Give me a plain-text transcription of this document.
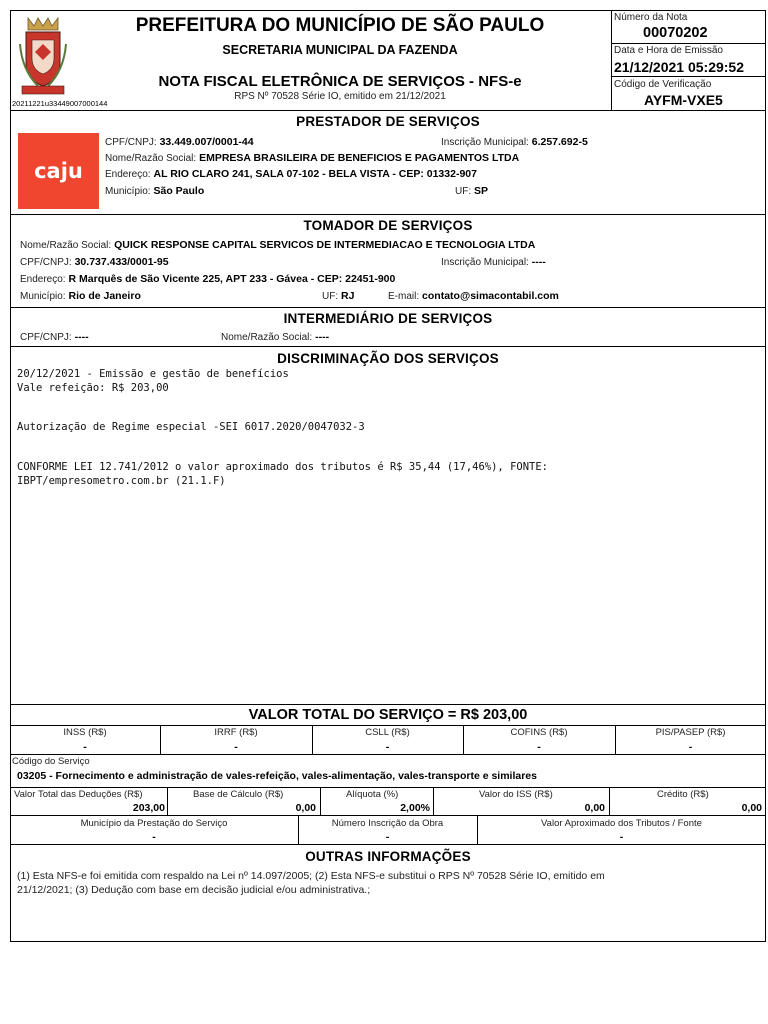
20211221u33449007000144
PREFEITURA DO MUNICÍPIO DE SÃO PAULO
SECRETARIA MUNICIPAL DA FAZENDA
NOTA FISCAL ELETRÔNICA DE SERVIÇOS - NFS-e
RPS Nº 70528 Série IO, emitido em 21/12/2021
Número da Nota
00070202
Data e Hora de Emissão
21/12/2021 05:29:52
Código de Verificação
AYFM-VXE5
PRESTADOR DE SERVIÇOS
caju
CPF/CNPJ: 33.449.007/0001-44	Inscrição Municipal: 6.257.692-5
Nome/Razão Social: EMPRESA BRASILEIRA DE BENEFICIOS E PAGAMENTOS LTDA
Endereço: AL RIO CLARO 241, SALA 07-102 - BELA VISTA - CEP: 01332-907
Município: São Paulo	UF: SP
TOMADOR DE SERVIÇOS
Nome/Razão Social: QUICK RESPONSE CAPITAL SERVICOS DE INTERMEDIACAO E TECNOLOGIA LTDA
CPF/CNPJ: 30.737.433/0001-95	Inscrição Municipal: ----
Endereço: R Marquês de São Vicente 225, APT 233 - Gávea - CEP: 22451-900
Município: Rio de Janeiro	UF: RJ	E-mail: contato@simacontabil.com
INTERMEDIÁRIO DE SERVIÇOS
CPF/CNPJ: ----	Nome/Razão Social: ----
DISCRIMINAÇÃO DOS SERVIÇOS
20/12/2021 - Emissão e gestão de benefícios
Vale refeição: R$ 203,00
Autorização de Regime especial -SEI 6017.2020/0047032-3
CONFORME LEI 12.741/2012 o valor aproximado dos tributos é R$ 35,44 (17,46%), FONTE:
IBPT/empresometro.com.br (21.1.F)
VALOR TOTAL DO SERVIÇO = R$ 203,00
INSS (R$)
-
IRRF (R$)
-
CSLL (R$)
-
COFINS (R$)
-
PIS/PASEP (R$)
-
Código do Serviço
03205 - Fornecimento e administração de vales-refeição, vales-alimentação, vales-transporte e similares
Valor Total das Deduções (R$)
203,00
Base de Cálculo (R$)
0,00
Alíquota (%)
2,00%
Valor do ISS (R$)
0,00
Crédito (R$)
0,00
Município da Prestação do Serviço
-
Número Inscrição da Obra
-
Valor Aproximado dos Tributos / Fonte
-
OUTRAS INFORMAÇÕES
(1) Esta NFS-e foi emitida com respaldo na Lei nº 14.097/2005; (2) Esta NFS-e substitui o RPS Nº 70528 Série IO, emitido em
21/12/2021; (3) Dedução com base em decisão judicial e/ou administrativa.;
